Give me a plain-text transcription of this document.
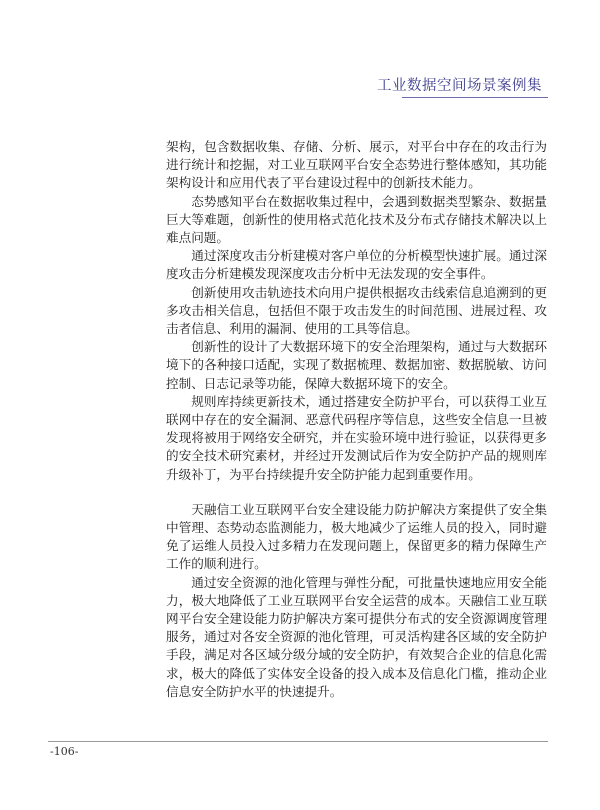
工业数据空间场景案例集

架构，包含数据收集、存储、分析、展示，对平台中存在的攻击行为进行统计和挖掘，对工业互联网平台安全态势进行整体感知，其功能架构设计和应用代表了平台建设过程中的创新技术能力。

态势感知平台在数据收集过程中，会遇到数据类型繁杂、数据量巨大等难题，创新性的使用格式范化技术及分布式存储技术解决以上难点问题。

通过深度攻击分析建模对客户单位的分析模型快速扩展。通过深度攻击分析建模发现深度攻击分析中无法发现的安全事件。

创新使用攻击轨迹技术向用户提供根据攻击线索信息追溯到的更多攻击相关信息，包括但不限于攻击发生的时间范围、进展过程、攻击者信息、利用的漏洞、使用的工具等信息。

创新性的设计了大数据环境下的安全治理架构，通过与大数据环境下的各种接口适配，实现了数据梳理、数据加密、数据脱敏、访问控制、日志记录等功能，保障大数据环境下的安全。

规则库持续更新技术，通过搭建安全防护平台，可以获得工业互联网中存在的安全漏洞、恶意代码程序等信息，这些安全信息一旦被发现将被用于网络安全研究，并在实验环境中进行验证，以获得更多的安全技术研究素材，并经过开发测试后作为安全防护产品的规则库升级补丁，为平台持续提升安全防护能力起到重要作用。

天融信工业互联网平台安全建设能力防护解决方案提供了安全集中管理、态势动态监测能力，极大地减少了运维人员的投入，同时避免了运维人员投入过多精力在发现问题上，保留更多的精力保障生产工作的顺利进行。

通过安全资源的池化管理与弹性分配，可批量快速地应用安全能力，极大地降低了工业互联网平台安全运营的成本。天融信工业互联网平台安全建设能力防护解决方案可提供分布式的安全资源调度管理服务，通过对各安全资源的池化管理，可灵活构建各区域的安全防护手段，满足对各区域分级分域的安全防护，有效契合企业的信息化需求，极大的降低了实体安全设备的投入成本及信息化门槛，推动企业信息安全防护水平的快速提升。

-106-
